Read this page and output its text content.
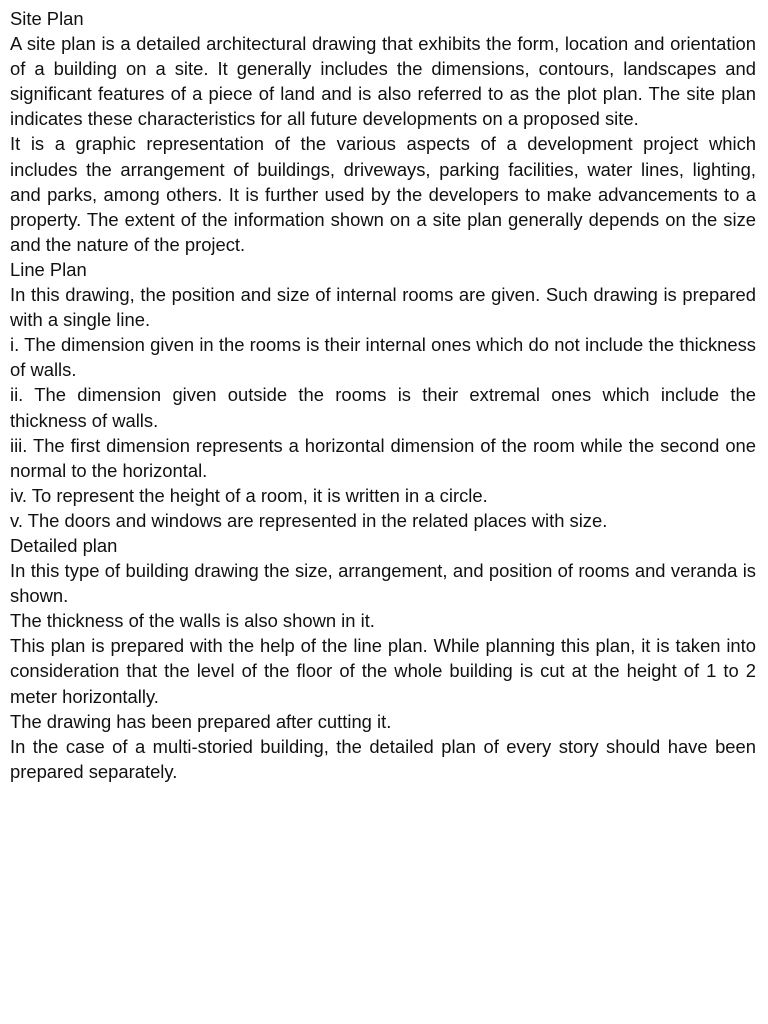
Site Plan

A site plan is a detailed architectural drawing that exhibits the form, location and orientation of a building on a site. It generally includes the dimensions, contours, landscapes and significant features of a piece of land and is also referred to as the plot plan. The site plan indicates these characteristics for all future developments on a proposed site.

It is a graphic representation of the various aspects of a development project which includes the arrangement of buildings, driveways, parking facilities, water lines, lighting, and parks, among others. It is further used by the developers to make advancements to a property. The extent of the information shown on a site plan generally depends on the size and the nature of the project.

Line Plan

In this drawing, the position and size of internal rooms are given. Such drawing is prepared with a single line.

i. The dimension given in the rooms is their internal ones which do not include the thickness of walls.

ii. The dimension given outside the rooms is their extremal ones which include the thickness of walls.

iii. The first dimension represents a horizontal dimension of the room while the second one normal to the horizontal.

iv. To represent the height of a room, it is written in a circle.

v. The doors and windows are represented in the related places with size.

Detailed plan

In this type of building drawing the size, arrangement, and position of rooms and veranda is shown.

The thickness of the walls is also shown in it.

This plan is prepared with the help of the line plan. While planning this plan, it is taken into consideration that the level of the floor of the whole building is cut at the height of 1 to 2 meter horizontally.

The drawing has been prepared after cutting it.

In the case of a multi-storied building, the detailed plan of every story should have been prepared separately.
